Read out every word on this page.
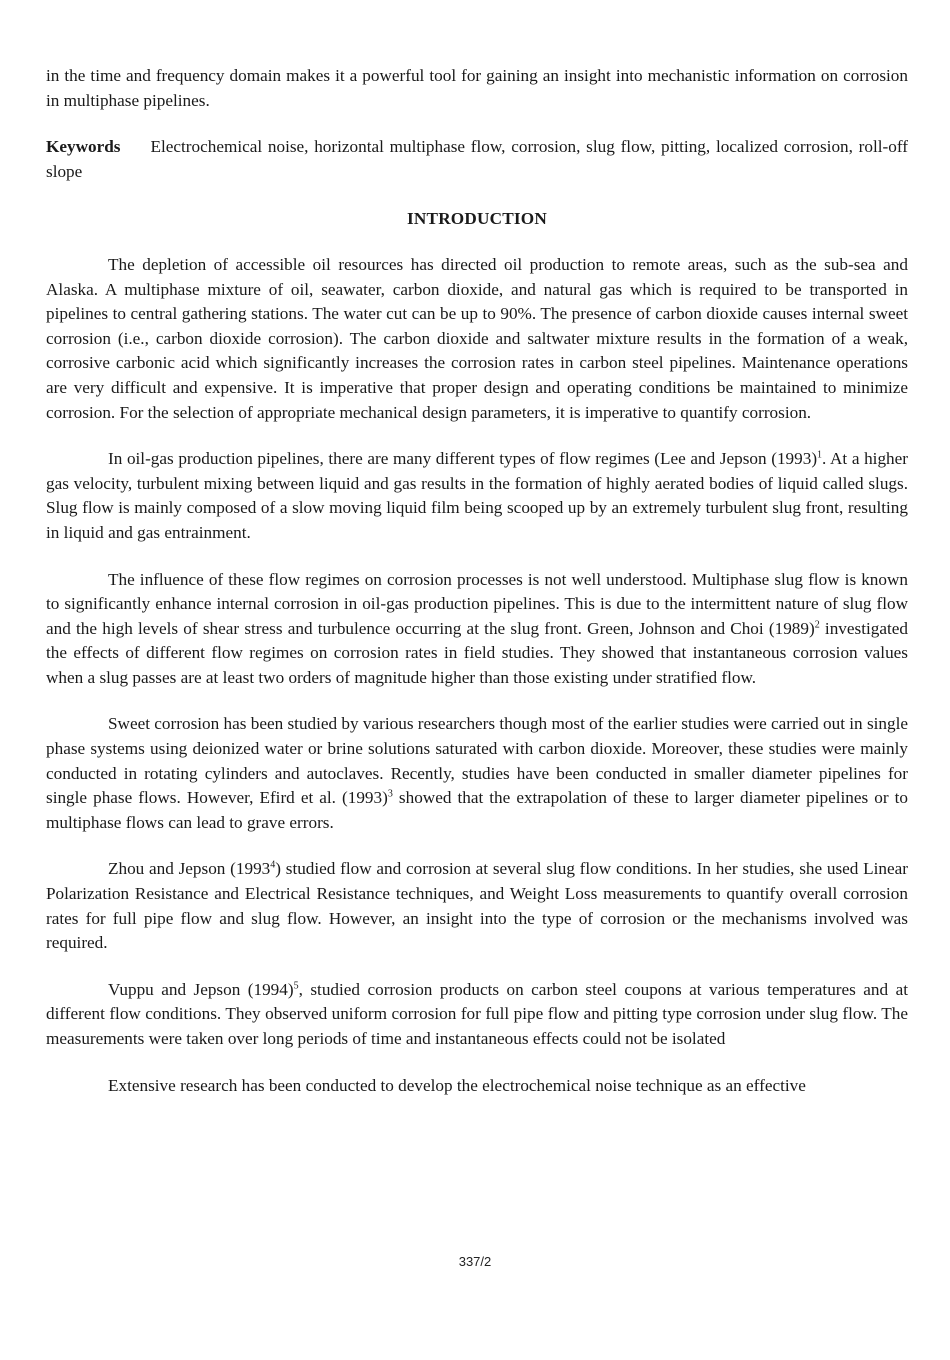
in the time and frequency domain makes it a powerful tool for gaining an insight into mechanistic information on corrosion in multiphase pipelines.

Keywords Electrochemical noise, horizontal multiphase flow, corrosion, slug flow, pitting, localized corrosion, roll-off slope

INTRODUCTION

The depletion of accessible oil resources has directed oil production to remote areas, such as the sub-sea and Alaska. A multiphase mixture of oil, seawater, carbon dioxide, and natural gas which is required to be transported in pipelines to central gathering stations. The water cut can be up to 90%. The presence of carbon dioxide causes internal sweet corrosion (i.e., carbon dioxide corrosion). The carbon dioxide and saltwater mixture results in the formation of a weak, corrosive carbonic acid which significantly increases the corrosion rates in carbon steel pipelines. Maintenance operations are very difficult and expensive. It is imperative that proper design and operating conditions be maintained to minimize corrosion. For the selection of appropriate mechanical design parameters, it is imperative to quantify corrosion.

In oil-gas production pipelines, there are many different types of flow regimes (Lee and Jepson $(1993)^1$. At a higher gas velocity, turbulent mixing between liquid and gas results in the formation of highly aerated bodies of liquid called slugs. Slug flow is mainly composed of a slow moving liquid film being scooped up by an extremely turbulent slug front, resulting in liquid and gas entrainment.

The influence of these flow regimes on corrosion processes is not well understood. Multiphase slug flow is known to significantly enhance internal corrosion in oil-gas production pipelines. This is due to the intermittent nature of slug flow and the high levels of shear stress and turbulence occurring at the slug front. Green, Johnson and Choi $(1989)^2$ investigated the effects of different flow regimes on corrosion rates in field studies. They showed that instantaneous corrosion values when a slug passes are at least two orders of magnitude higher than those existing under stratified flow.

Sweet corrosion has been studied by various researchers though most of the earlier studies were carried out in single phase systems using deionized water or brine solutions saturated with carbon dioxide. Moreover, these studies were mainly conducted in rotating cylinders and autoclaves. Recently, studies have been conducted in smaller diameter pipelines for single phase flows. However, Efird et al. $(1993)^3$ showed that the extrapolation of these to larger diameter pipelines or to multiphase flows can lead to grave errors.

Zhou and Jepson (1993$^4$) studied flow and corrosion at several slug flow conditions. In her studies, she used Linear Polarization Resistance and Electrical Resistance techniques, and Weight Loss measurements to quantify overall corrosion rates for full pipe flow and slug flow. However, an insight into the type of corrosion or the mechanisms involved was required.

Vuppu and Jepson $(1994)^5$, studied corrosion products on carbon steel coupons at various temperatures and at different flow conditions. They observed uniform corrosion for full pipe flow and pitting type corrosion under slug flow. The measurements were taken over long periods of time and instantaneous effects could not be isolated

Extensive research has been conducted to develop the electrochemical noise technique as an effective

337/2
